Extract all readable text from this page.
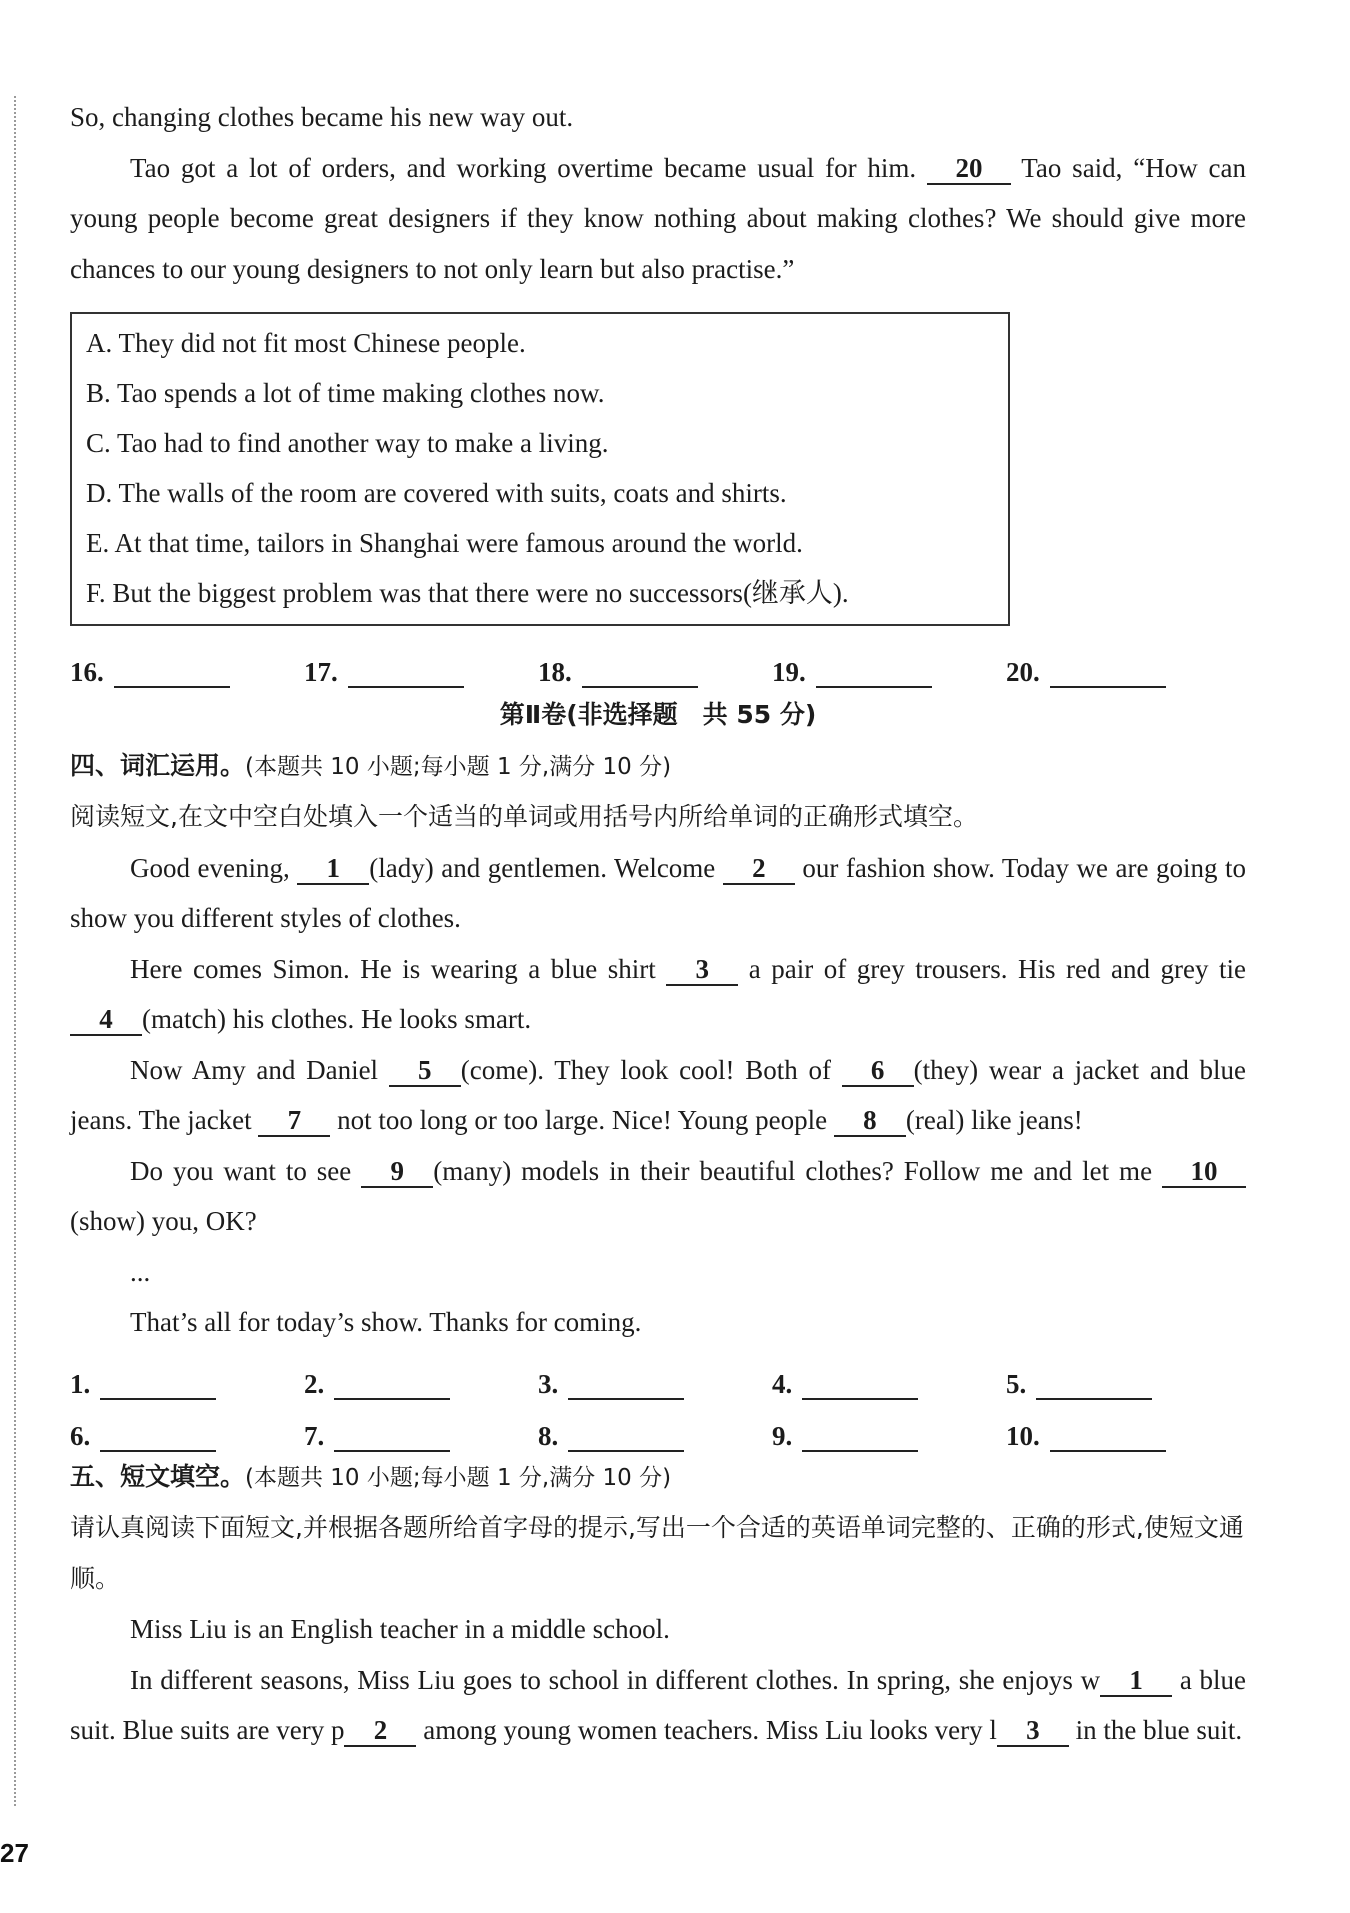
So, changing clothes became his new way out.

Tao got a lot of orders, and working overtime became usual for him. 20 Tao said, “How can young people become great designers if they know nothing about making clothes? We should give more chances to our young designers to not only learn but also practise.”

A. They did not fit most Chinese people.

B. Tao spends a lot of time making clothes now.

C. Tao had to find another way to make a living.

D. The walls of the room are covered with suits, coats and shirts.

E. At that time, tailors in Shanghai were famous around the world.

F. But the biggest problem was that there were no successors(继承人).

16.	17.	18.	19.	20.

第Ⅱ卷(非选择题　共 55 分)

四、词汇运用。(本题共 10 小题;每小题 1 分,满分 10 分)

阅读短文,在文中空白处填入一个适当的单词或用括号内所给单词的正确形式填空。

Good evening, 1 (lady) and gentlemen. Welcome 2 our fashion show. Today we are going to show you different styles of clothes.

Here comes Simon. He is wearing a blue shirt 3 a pair of grey trousers. His red and grey tie 4 (match) his clothes. He looks smart.

Now Amy and Daniel 5 (come). They look cool! Both of 6 (they) wear a jacket and blue jeans. The jacket 7 not too long or too large. Nice! Young people 8 (real) like jeans!

Do you want to see 9 (many) models in their beautiful clothes? Follow me and let me 10(show) you, OK?

...

That’s all for today’s show. Thanks for coming.

1.	2.	3.	4.	5.
6.	7.	8.	9.	10.

五、短文填空。(本题共 10 小题;每小题 1 分,满分 10 分)

请认真阅读下面短文,并根据各题所给首字母的提示,写出一个合适的英语单词完整的、正确的形式,使短文通顺。

Miss Liu is an English teacher in a middle school.

In different seasons, Miss Liu goes to school in different clothes. In spring, she enjoys w 1 a blue suit. Blue suits are very p 2 among young women teachers. Miss Liu looks very l 3 in the blue suit.

27
